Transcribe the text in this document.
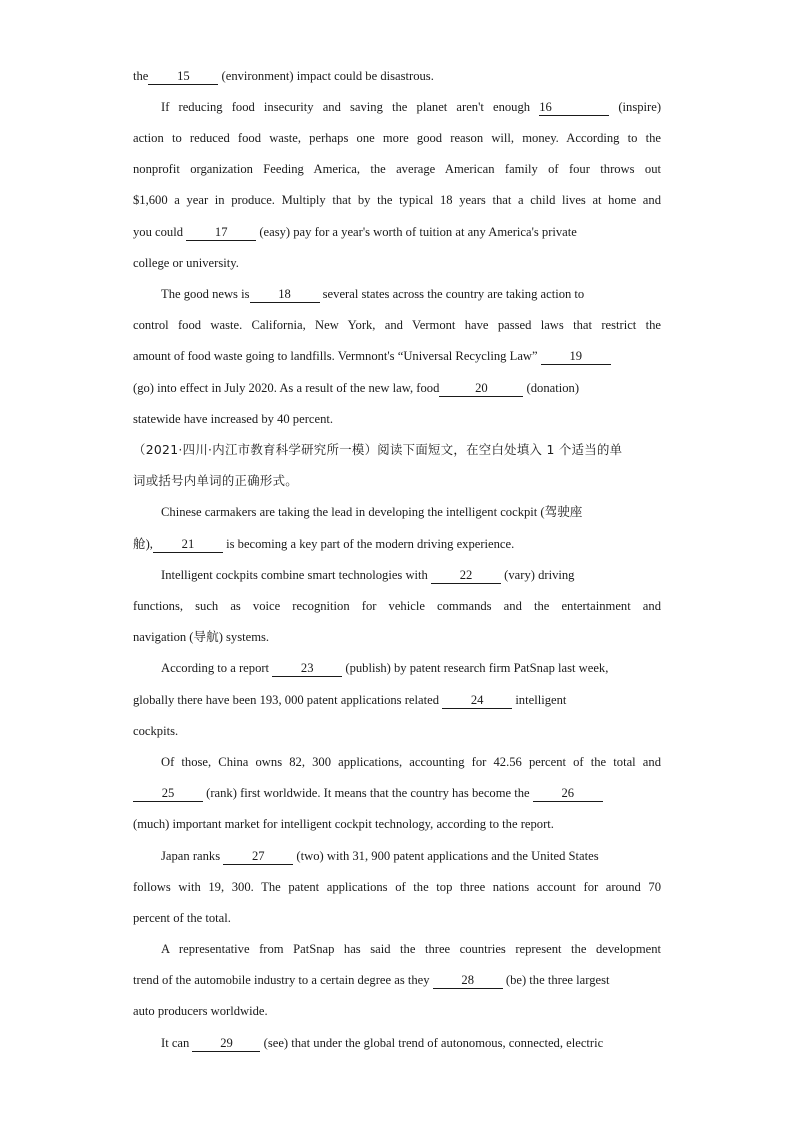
the 15	(environment) impact could be disastrous.
If reducing food insecurity and saving the planet aren't enough 16	(inspire)
action to reduced food waste, perhaps one more good reason will, money. According to the
nonprofit organization Feeding America, the average American family of four throws out
$1,600 a year in produce. Multiply that by the typical 18 years that a child lives at home and
you could	17	(easy) pay for a year's worth of tuition at any America's private
college or university.
The good news is 18	several states across the country are taking action to
control food waste. California, New York, and Vermont have passed laws that restrict the
amount of food waste going to landfills. Vermnont's “Universal Recycling Law”	19
(go) into effect in July 2020. As a result of the new law, food	20	(donation)
statewide have increased by 40 percent.
（2021·四川·内江市教育科学研究所一模）阅读下面短文，在空白处填入 1 个适当的单
词或括号内单词的正确形式。
Chinese carmakers are taking the lead in developing the intelligent cockpit (驾驶座
舱), 21	is becoming a key part of the modern driving experience.
Intelligent cockpits combine smart technologies with	22	(vary) driving
functions, such as voice recognition for vehicle commands and the entertainment and
navigation (导航) systems.
According to a report	23	(publish) by patent research firm PatSnap last week,
globally there have been 193, 000 patent applications related	24	intelligent
cockpits.
Of those, China owns 82, 300 applications, accounting for 42.56 percent of the total and
25	(rank) first worldwide. It means that the country has become the	26
(much) important market for intelligent cockpit technology, according to the report.
Japan ranks	27	(two) with 31, 900 patent applications and the United States
follows with 19, 300. The patent applications of the top three nations account for around 70
percent of the total.
A representative from PatSnap has said the three countries represent the development
trend of the automobile industry to a certain degree as they	28	(be) the three largest
auto producers worldwide.
It can 29 (see) that under the global trend of autonomous, connected, electric
